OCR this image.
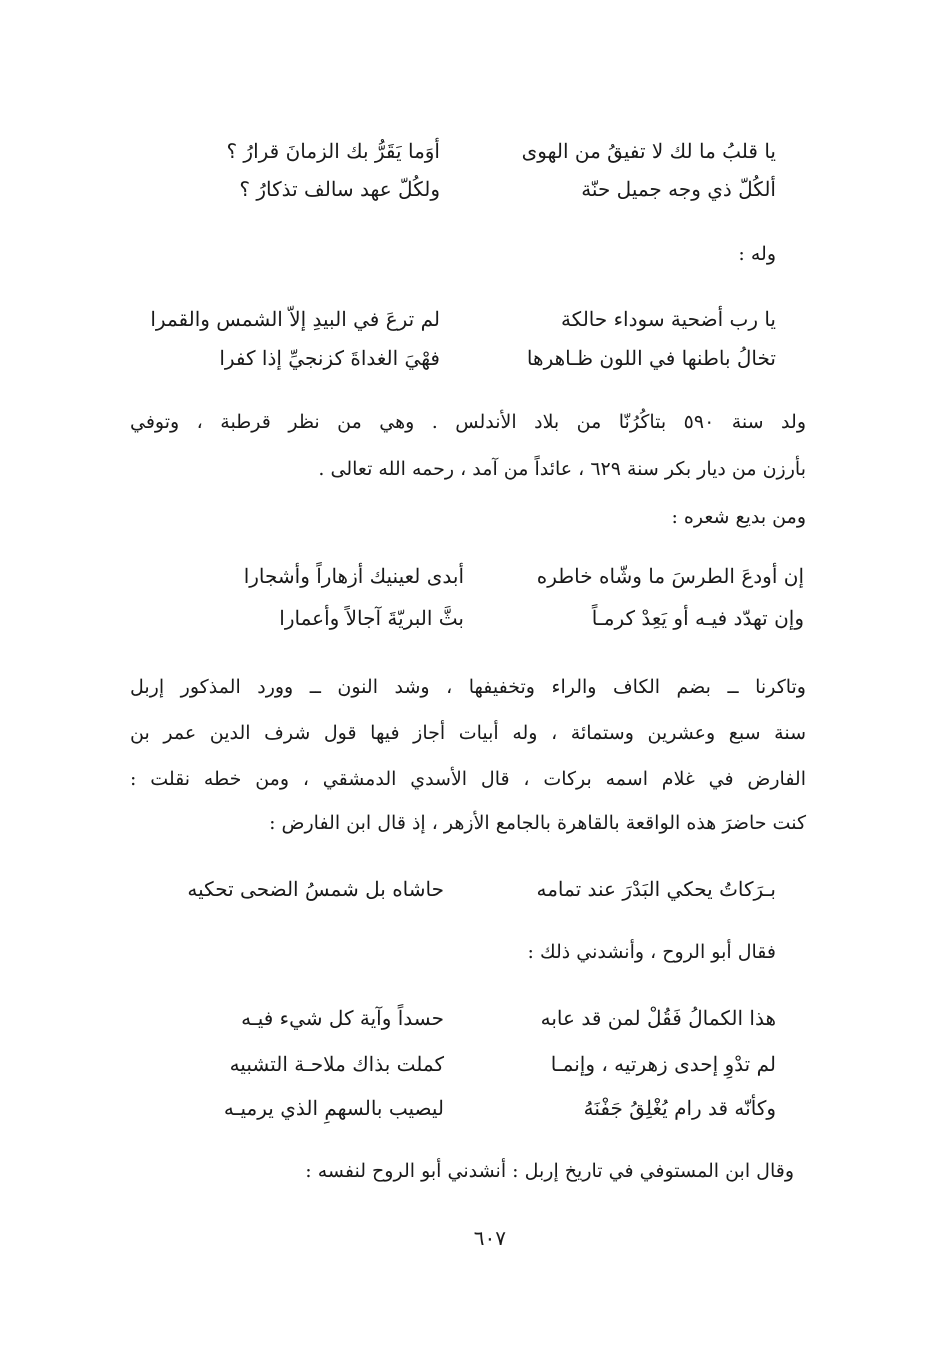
يا قلبُ ما لك لا تفيقُ من الهوى
أوَما يَقَرُّ بك الزمانَ قرارُ ؟
ألكُلّ ذي وجه جميل حنّة
ولكُلّ عهد سالف تذكارُ ؟
وله :
يا رب أضحية سوداء حالكة
لم ترعَ في البيدِ إلاّ الشمس والقمرا
تخالُ باطنها في اللون ظـاهرها
فهْيَ الغداةَ كزنجيِّ إذا كفرا
ولد سنة ٥٩٠ بتاكُرُنّا من بلاد الأندلس . وهي من نظر قرطبة ، وتوفي
بأرزن من ديار بكر سنة ٦٢٩ ، عائداً من آمد ، رحمه الله تعالى .
ومن بديع شعره :
إن أودعَ الطرسَ ما وشّاه خاطره
أبدى لعينيك أزهاراً وأشجارا
وإن تهدّد فيـه أو يَعِدْ كرمـاً
بثَّ البريّةَ آجالاً وأعمارا
وتاكرنا ــ بضم الكاف والراء وتخفيفها ، وشد النون ــ وورد المذكور إربل
سنة سبع وعشرين وستمائة ، وله أبيات أجاز فيها قول شرف الدين عمر بن
الفارض في غلام اسمه بركات ، قال الأسدي الدمشقي ، ومن خطه نقلت :
كنت حاضرَ هذه الواقعة بالقاهرة بالجامع الأزهر ، إذ قال ابن الفارض :
بـرَكاتُ يحكي البَدْرَ عند تمامه
حاشاه بل شمسُ الضحى تحكيه
فقال أبو الروح ، وأنشدني ذلك :
هذا الكمالُ فَقُلْ لمن قد عابه
حسداً وآية كل شيء فيـه
لم تدْوِ إحدى زهرتيه ، وإنمـا
كملت بذاك ملاحـة التشبيه
وكأنّه قد رام يُغْلِقُ جَفْنَهُ
ليصيب بالسهمِ الذي يرميـه
وقال ابن المستوفي في تاريخ إربل : أنشدني أبو الروح لنفسه :
٦٠٧
